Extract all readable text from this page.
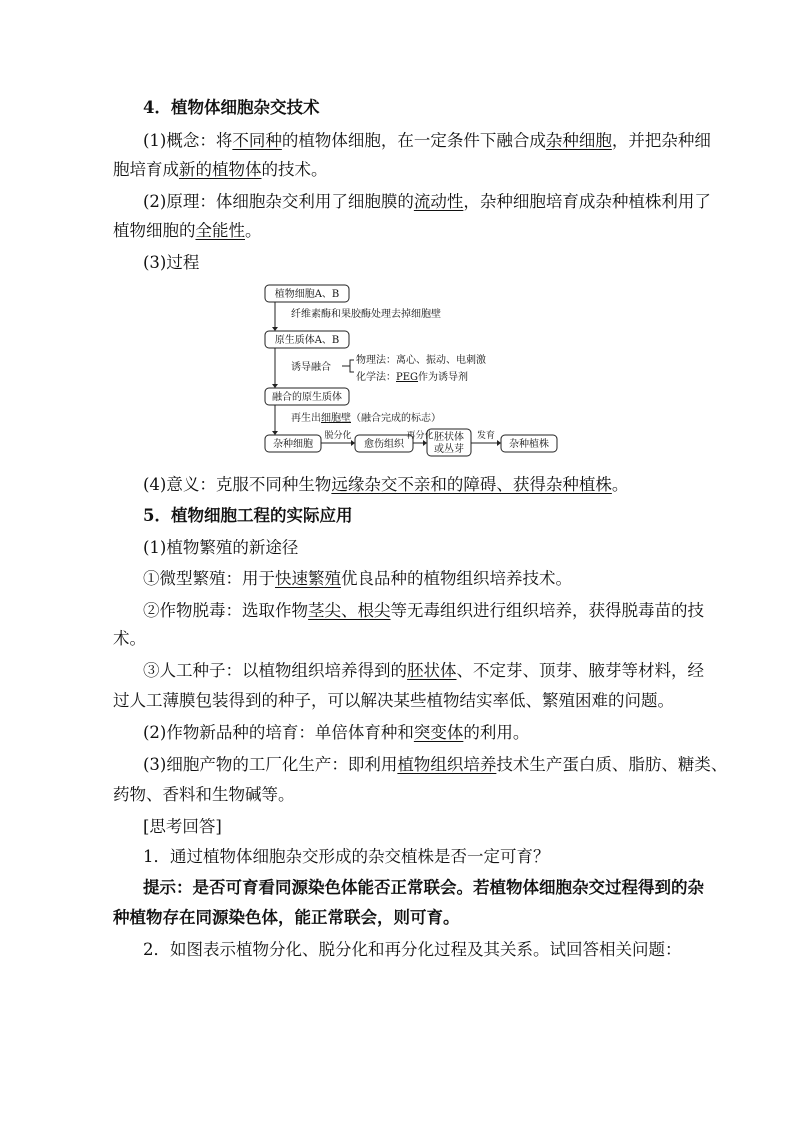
4．植物体细胞杂交技术
(1)概念：将不同种的植物体细胞，在一定条件下融合成杂种细胞，并把杂种细
胞培育成新的植物体的技术。
(2)原理：体细胞杂交利用了细胞膜的流动性，杂种细胞培育成杂种植株利用了
植物细胞的全能性。
(3)过程
植物细胞A、B
纤维素酶和果胶酶处理去掉细胞壁
原生质体A、B
诱导融合
物理法：离心、振动、电刺激
化学法：PEG作为诱导剂
融合的原生质体
再生出细胞壁（融合完成的标志）
杂种细胞
脱分化
愈伤组织
再分化 胚状体
或丛芽
发育
杂种植株
(4)意义：克服不同种生物远缘杂交不亲和的障碍、获得杂种植株。
5．植物细胞工程的实际应用
(1)植物繁殖的新途径
①微型繁殖：用于快速繁殖优良品种的植物组织培养技术。
②作物脱毒：选取作物茎尖、根尖等无毒组织进行组织培养，获得脱毒苗的技
术。
③人工种子：以植物组织培养得到的胚状体、不定芽、顶芽、腋芽等材料，经
过人工薄膜包装得到的种子，可以解决某些植物结实率低、繁殖困难的问题。
(2)作物新品种的培育：单倍体育种和突变体的利用。
(3)细胞产物的工厂化生产：即利用植物组织培养技术生产蛋白质、脂肪、糖类、
药物、香料和生物碱等。
[思考回答]
1．通过植物体细胞杂交形成的杂交植株是否一定可育？
提示：是否可育看同源染色体能否正常联会。若植物体细胞杂交过程得到的杂
种植物存在同源染色体，能正常联会，则可育。
2．如图表示植物分化、脱分化和再分化过程及其关系。试回答相关问题：
